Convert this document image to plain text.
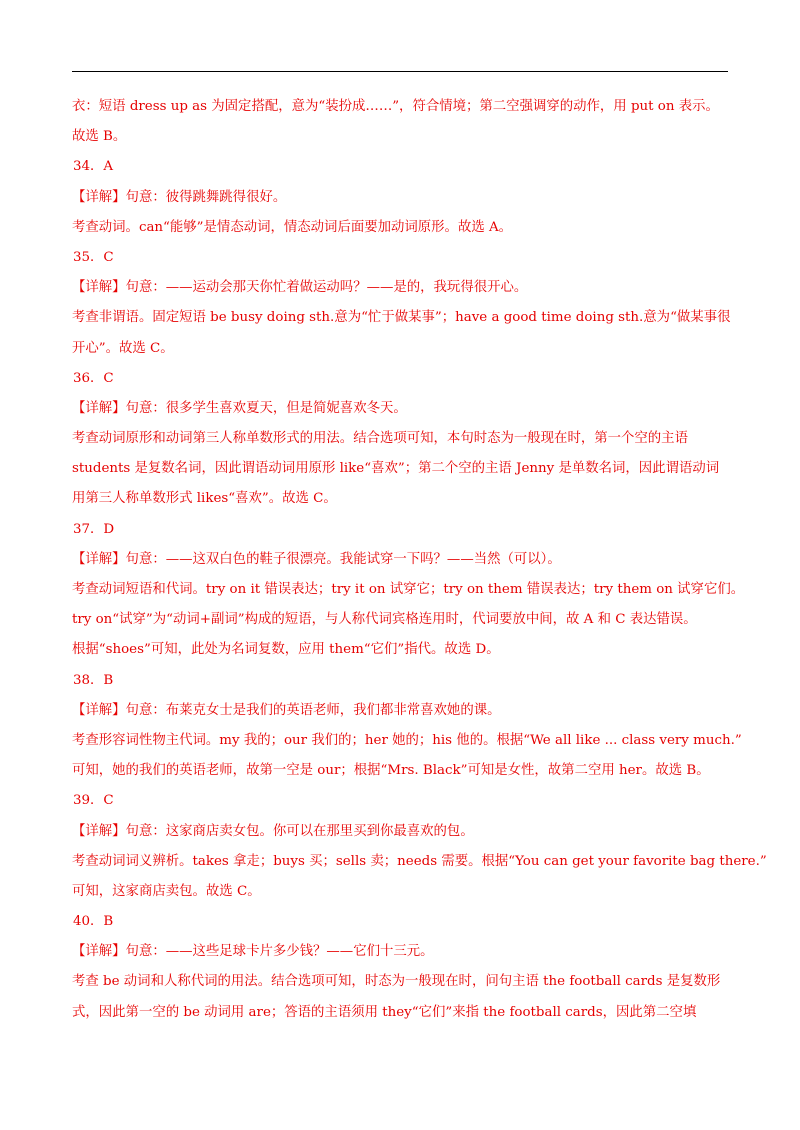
衣：短语 dress up as 为固定搭配，意为“装扮成……”，符合情境；第二空强调穿的动作，用 put on 表示。
故选 B。
34．A
【详解】句意：彼得跳舞跳得很好。
考查动词。can“能够”是情态动词，情态动词后面要加动词原形。故选 A。
35．C
【详解】句意：——运动会那天你忙着做运动吗？——是的，我玩得很开心。
考查非谓语。固定短语 be busy doing sth.意为“忙于做某事”；have a good time doing sth.意为“做某事很
开心”。故选 C。
36．C
【详解】句意：很多学生喜欢夏天，但是简妮喜欢冬天。
考查动词原形和动词第三人称单数形式的用法。结合选项可知，本句时态为一般现在时，第一个空的主语
students 是复数名词，因此谓语动词用原形 like“喜欢”；第二个空的主语 Jenny 是单数名词，因此谓语动词
用第三人称单数形式 likes“喜欢”。故选 C。
37．D
【详解】句意：——这双白色的鞋子很漂亮。我能试穿一下吗？——当然（可以）。
考查动词短语和代词。try on it 错误表达；try it on 试穿它；try on them 错误表达；try them on 试穿它们。
try on“试穿”为“动词+副词”构成的短语，与人称代词宾格连用时，代词要放中间，故 A 和 C 表达错误。
根据“shoes”可知，此处为名词复数，应用 them“它们”指代。故选 D。
38．B
【详解】句意：布莱克女士是我们的英语老师，我们都非常喜欢她的课。
考查形容词性物主代词。my 我的；our 我们的；her 她的；his 他的。根据“We all like ... class very much.”
可知，她的我们的英语老师，故第一空是 our；根据“Mrs. Black”可知是女性，故第二空用 her。故选 B。
39．C
【详解】句意：这家商店卖女包。你可以在那里买到你最喜欢的包。
考查动词词义辨析。takes 拿走；buys 买；sells 卖；needs 需要。根据“You can get your favorite bag there.”
可知，这家商店卖包。故选 C。
40．B
【详解】句意：——这些足球卡片多少钱？——它们十三元。
考查 be 动词和人称代词的用法。结合选项可知，时态为一般现在时，问句主语 the football cards 是复数形
式，因此第一空的 be 动词用 are；答语的主语须用 they“它们”来指 the football cards，因此第二空填
